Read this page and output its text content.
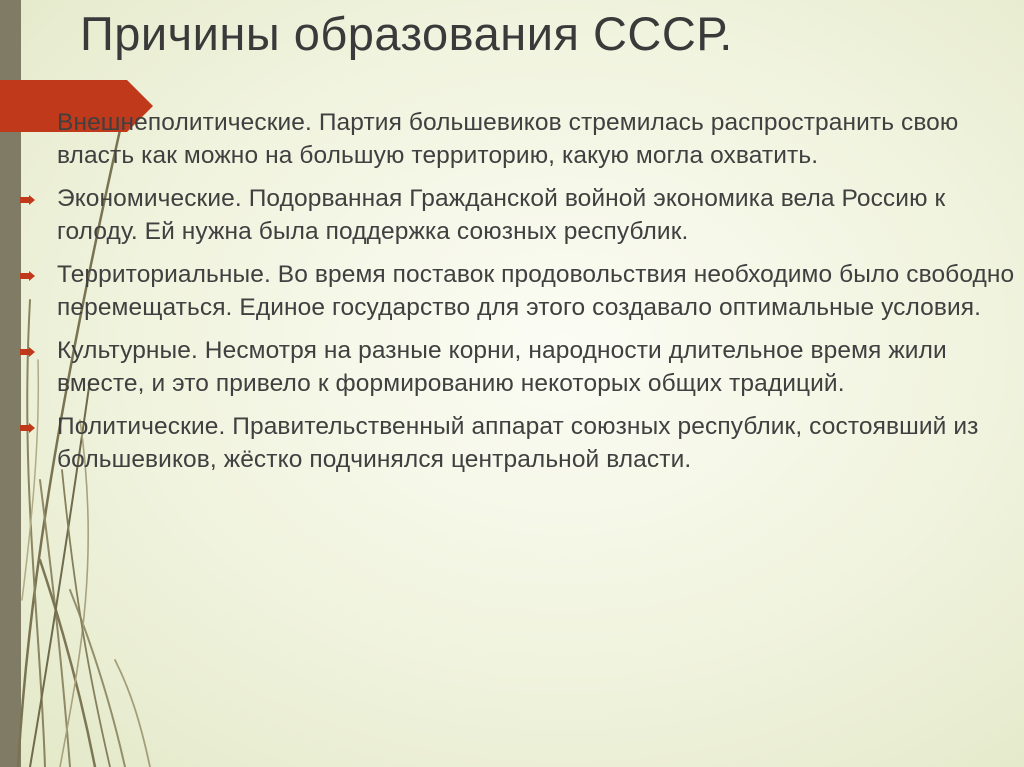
Причины образования СССР.
Внешнеполитические. Партия большевиков стремилась распространить свою власть как можно на большую территорию, какую могла охватить.
Экономические. Подорванная Гражданской войной экономика вела Россию к голоду. Ей нужна была поддержка союзных республик.
Территориальные. Во время поставок продовольствия необходимо было свободно перемещаться. Единое государство для этого создавало оптимальные условия.
Культурные. Несмотря на разные корни, народности длительное время жили вместе, и это привело к формированию некоторых общих традиций.
Политические. Правительственный аппарат союзных республик, состоявший из большевиков, жёстко подчинялся центральной власти.
